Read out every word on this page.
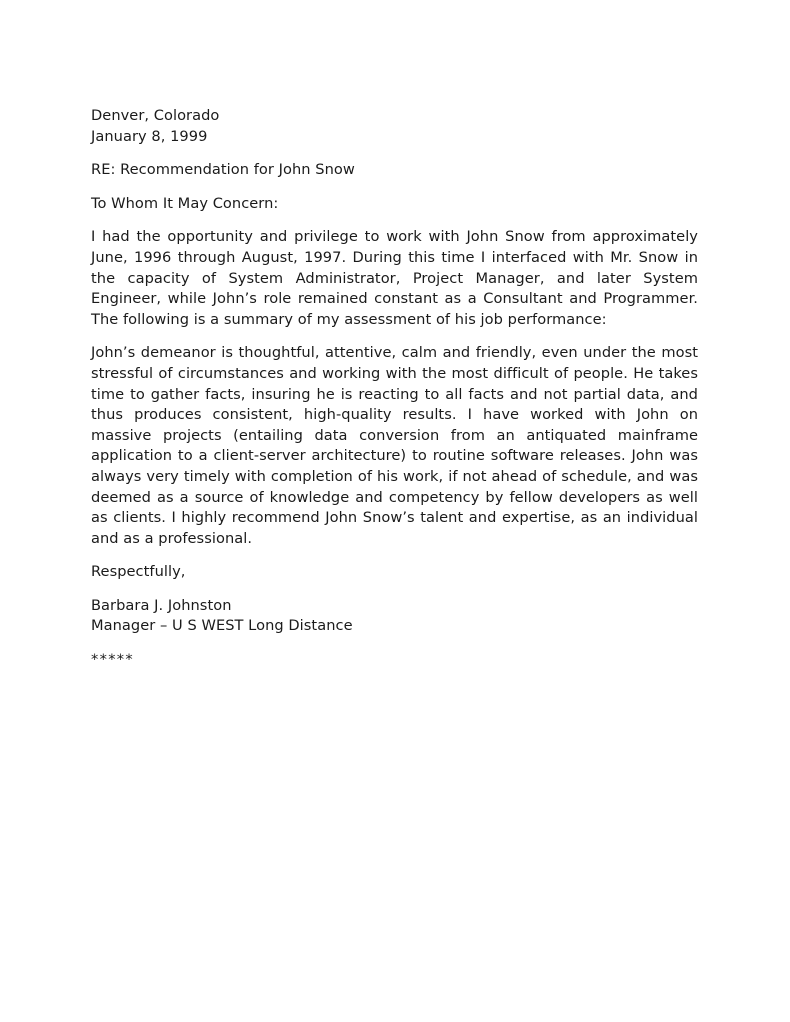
Denver, Colorado
January 8, 1999
RE: Recommendation for John Snow
To Whom It May Concern:

I had the opportunity and privilege to work with John Snow from approximately June, 1996 through August, 1997. During this time I interfaced with Mr. Snow in the capacity of System Administrator, Project Manager, and later System Engineer, while John’s role remained constant as a Consultant and Programmer. The following is a summary of my assessment of his job performance:

John’s demeanor is thoughtful, attentive, calm and friendly, even under the most stressful of circumstances and working with the most difficult of people. He takes time to gather facts, insuring he is reacting to all facts and not partial data, and thus produces consistent, high-quality results. I have worked with John on massive projects (entailing data conversion from an antiquated mainframe application to a client-server architecture) to routine software releases. John was always very timely with completion of his work, if not ahead of schedule, and was deemed as a source of knowledge and competency by fellow developers as well as clients. I highly recommend John Snow’s talent and expertise, as an individual and as a professional.

Respectfully,
Barbara J. Johnston
Manager – U S WEST Long Distance
*****
